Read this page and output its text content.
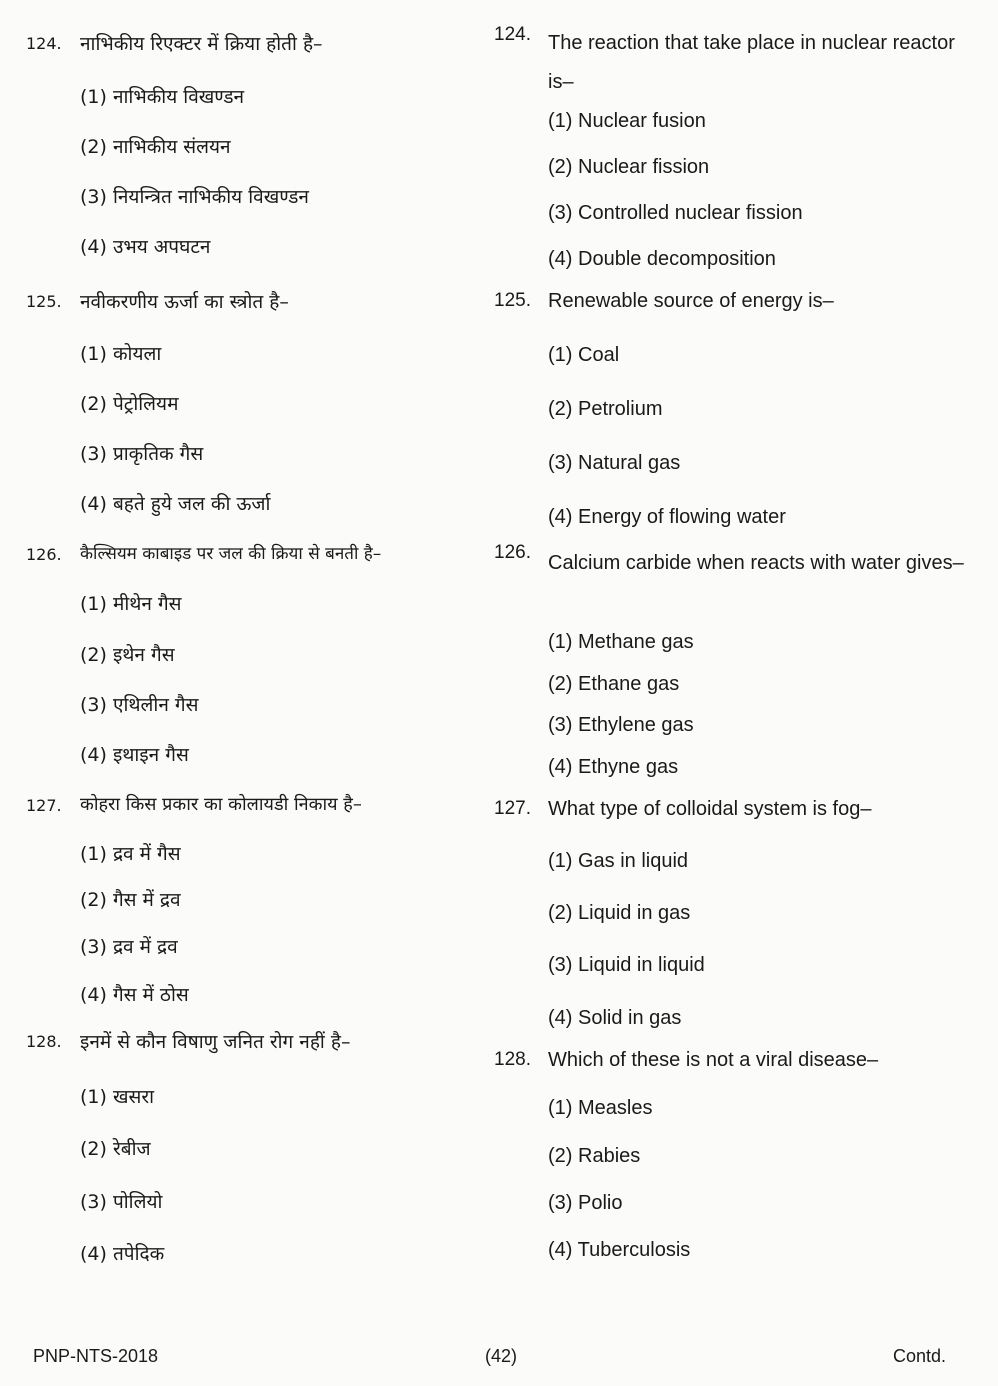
124. नाभिकीय रिएक्टर में क्रिया होती है–
(1) नाभिकीय विखण्डन
(2) नाभिकीय संलयन
(3) नियन्त्रित नाभिकीय विखण्डन
(4) उभय अपघटन
125. नवीकरणीय ऊर्जा का स्त्रोत है–
(1) कोयला
(2) पेट्रोलियम
(3) प्राकृतिक गैस
(4) बहते हुये जल की ऊर्जा
126. कैल्सियम काबाइड पर जल की क्रिया से बनती है–
(1) मीथेन गैस
(2) इथेन गैस
(3) एथिलीन गैस
(4) इथाइन गैस
127. कोहरा किस प्रकार का कोलायडी निकाय है–
(1) द्रव में गैस
(2) गैस में द्रव
(3) द्रव में द्रव
(4) गैस में ठोस
128. इनमें से कौन विषाणु जनित रोग नहीं है–
(1) खसरा
(2) रेबीज
(3) पोलियो
(4) तपेदिक
124. The reaction that take place in nuclear reactor is–
(1) Nuclear fusion
(2) Nuclear fission
(3) Controlled nuclear fission
(4) Double decomposition
125. Renewable source of energy is–
(1) Coal
(2) Petrolium
(3) Natural gas
(4) Energy of flowing water
126. Calcium carbide when reacts with water gives–
(1) Methane gas
(2) Ethane gas
(3) Ethylene gas
(4) Ethyne gas
127. What type of colloidal system is fog–
(1) Gas in liquid
(2) Liquid in gas
(3) Liquid in liquid
(4) Solid in gas
128. Which of these is not a viral disease–
(1) Measles
(2) Rabies
(3) Polio
(4) Tuberculosis
PNP-NTS-2018	(42)	Contd.
